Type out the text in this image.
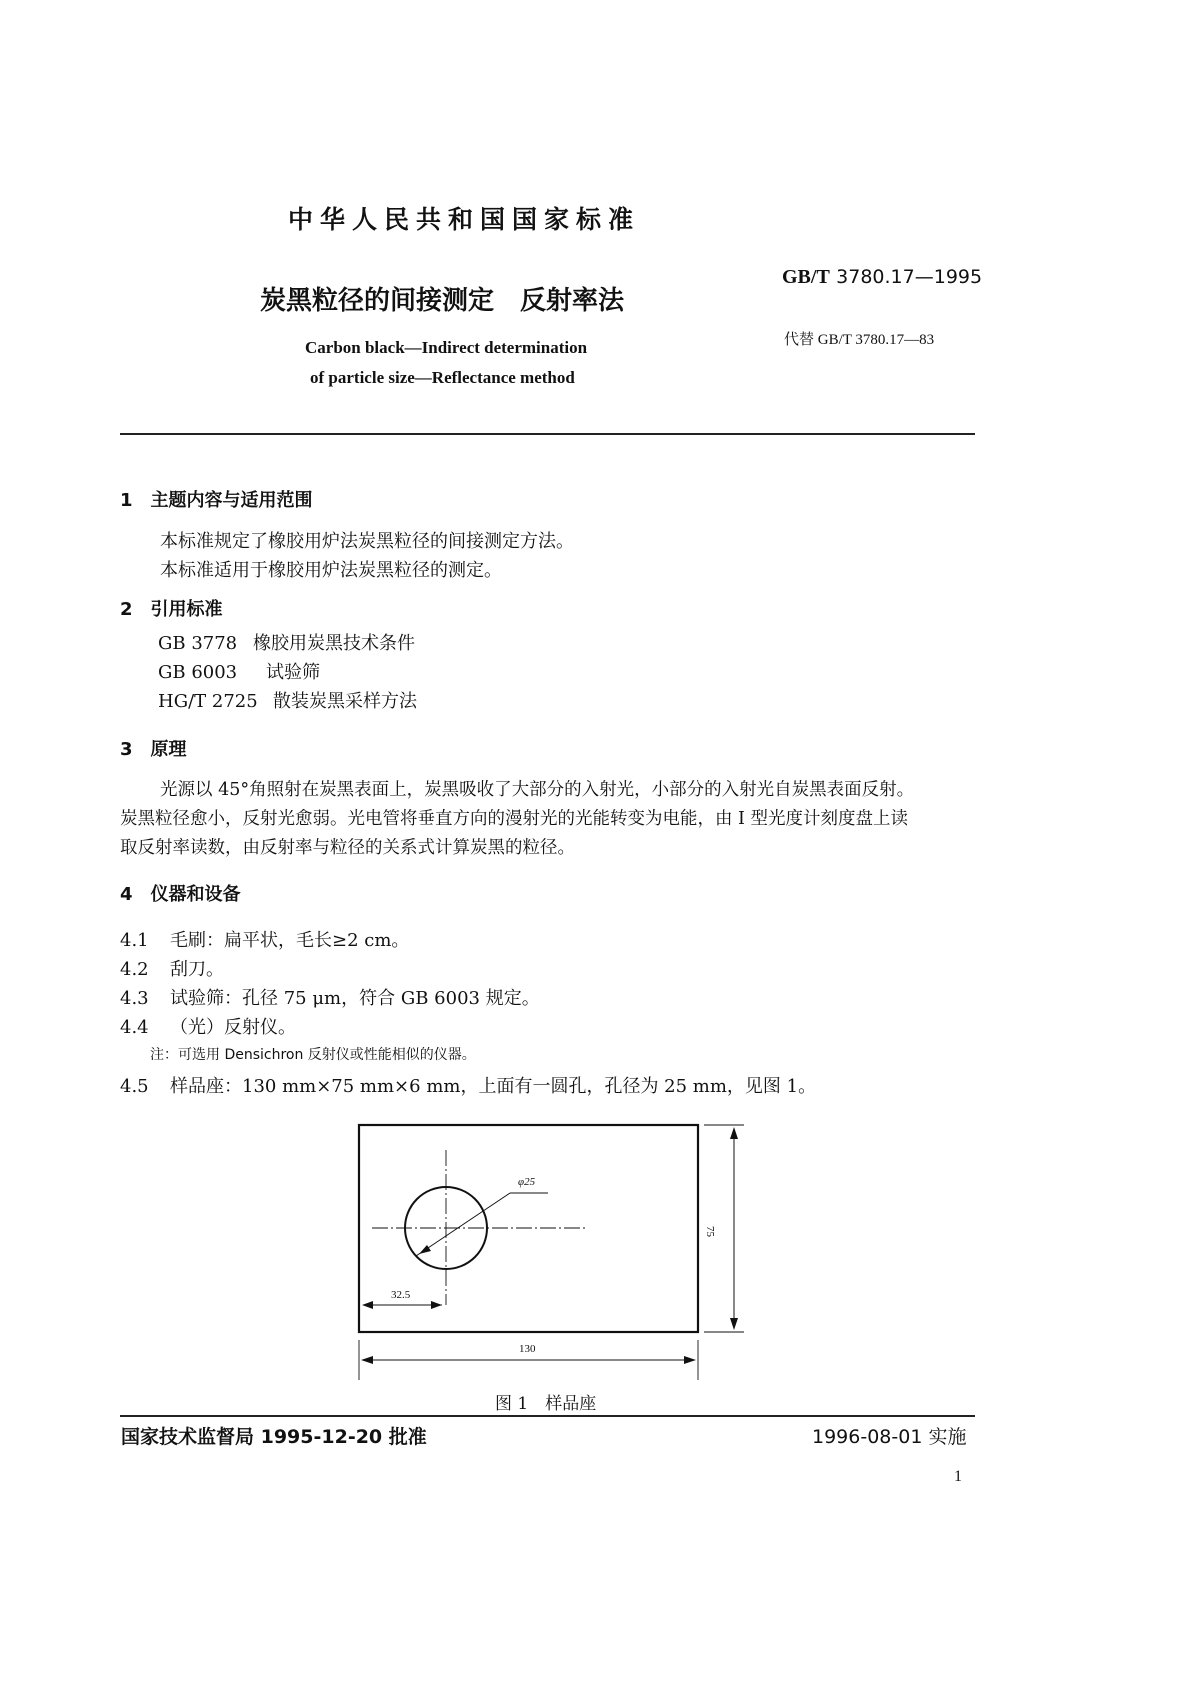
中华人民共和国国家标准
炭黑粒径的间接测定　反射率法
Carbon black—Indirect determination
of particle size—Reflectance method
GB/T 3780.17—1995
代替 GB/T 3780.17—83
1　主题内容与适用范围
本标准规定了橡胶用炉法炭黑粒径的间接测定方法。
本标准适用于橡胶用炉法炭黑粒径的测定。
2　引用标准
GB 3778 橡胶用炭黑技术条件
GB 6003 试验筛
HG/T 2725 散装炭黑采样方法
3　原理
光源以 45°角照射在炭黑表面上，炭黑吸收了大部分的入射光，小部分的入射光自炭黑表面反射。
炭黑粒径愈小，反射光愈弱。光电管将垂直方向的漫射光的光能转变为电能，由 I 型光度计刻度盘上读
取反射率读数，由反射率与粒径的关系式计算炭黑的粒径。
4　仪器和设备
4.1 毛刷：扁平状，毛长≥2 cm。
4.2 刮刀。
4.3 试验筛：孔径 75 μm，符合 GB 6003 规定。
4.4 （光）反射仪。
注：可选用 Densichron 反射仪或性能相似的仪器。
4.5 样品座：130 mm×75 mm×6 mm，上面有一圆孔，孔径为 25 mm，见图 1。
φ25
75
32.5
130
图 1　样品座
国家技术监督局 1995-12-20 批准	1996-08-01 实施
1
